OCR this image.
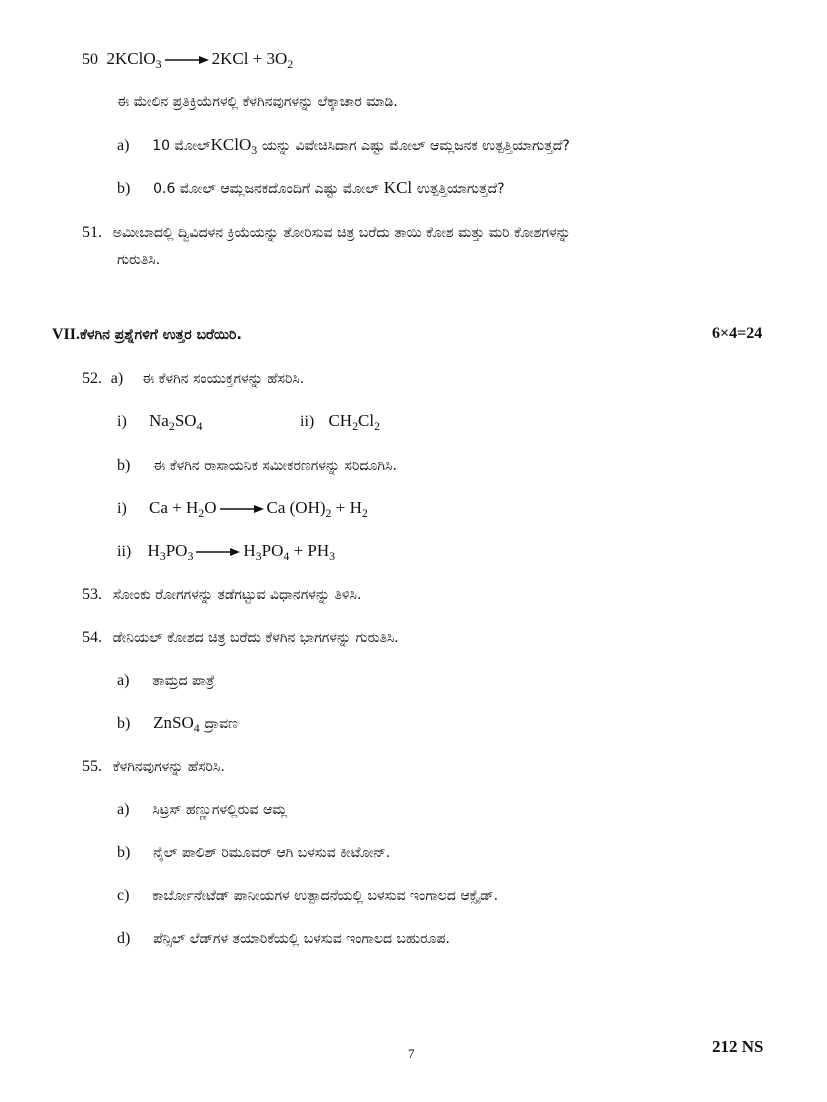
50  2KClO$_3$	$2KCl + 3O_2$
ಈ ಮೇಲಿನ ಪ್ರತಿಕ್ರಿಯೆಗಳಲ್ಲಿ ಕೆಳಗಿನವುಗಳನ್ನು ಲೆಕ್ಕಾಚಾರ ಮಾಡಿ.
a) 10 ಮೋಲ್KClO$_3$ ಯನ್ನು ವಿವೇಚಿಸಿದಾಗ ಎಷ್ಟು ಮೋಲ್ ಆಮ್ಲಜನಕ ಉತ್ಪತ್ತಿಯಾಗುತ್ತದೆ?
b) 0.6 ಮೋಲ್ ಆಮ್ಲಜನಕದೊಂದಿಗೆ ಎಷ್ಟು ಮೋಲ್ KCl ಉತ್ಪತ್ತಿಯಾಗುತ್ತದೆ?
51. ಅಮೀಬಾದಲ್ಲಿ ದ್ವಿವಿದಳನ ಕ್ರಿಯೆಯನ್ನು ತೋರಿಸುವ ಚಿತ್ರ ಬರೆದು ತಾಯಿ ಕೋಶ ಮತ್ತು ಮರಿ ಕೋಶಗಳನ್ನು
ಗುರುತಿಸಿ.
VII.ಕೆಳಗಿನ ಪ್ರಶ್ನೆಗಳಿಗೆ ಉತ್ತರ ಬರೆಯಿರಿ.	6×4=24
52. a) ಈ ಕೆಳಗಿನ ಸಂಯುಕ್ತಗಳನ್ನು ಹೆಸರಿಸಿ.
i) $Na_2SO_4$	ii) $CH_2Cl_2$
b) ಈ ಕೆಳಗಿನ ರಾಸಾಯನಿಕ ಸಮೀಕರಣಗಳನ್ನು ಸರಿದೂಗಿಸಿ.
i) $Ca + H_2O$	Ca $(OH)_2 + H_2$
ii) $H_3PO_3$	$H_3PO_4 + PH_3$
53. ಸೋಂಕು ರೋಗಗಳನ್ನು ತಡೆಗಟ್ಟುವ ವಿಧಾನಗಳನ್ನು ತಿಳಿಸಿ.
54. ಡೇನಿಯಲ್ ಕೋಶದ ಚಿತ್ರ ಬರೆದು ಕೆಳಗಿನ ಭಾಗಗಳನ್ನು ಗುರುತಿಸಿ.
a) ತಾಮ್ರದ ಪಾತ್ರೆ
b) ZnSO$_4$ ದ್ರಾವಣ
55. ಕೆಳಗಿನವುಗಳನ್ನು ಹೆಸರಿಸಿ.
a) ಸಿಟ್ರಸ್ ಹಣ್ಣುಗಳಲ್ಲಿರುವ ಆಮ್ಲ
b) ನೈಲ್ ಪಾಲಿಶ್ ರಿಮೂವರ್ ಆಗಿ ಬಳಸುವ ಕೀಟೋನ್.
c) ಕಾರ್ಬೋನೇಟೆಡ್ ಪಾನೀಯಗಳ ಉತ್ಪಾದನೆಯಲ್ಲಿ ಬಳಸುವ ಇಂಗಾಲದ ಆಕ್ಸೈಡ್.
d) ಪೆನ್ಸಿಲ್ ಲೆಡ್‌ಗಳ ತಯಾರಿಕೆಯಲ್ಲಿ ಬಳಸುವ ಇಂಗಾಲದ ಬಹುರೂಪ.
7	212 NS
